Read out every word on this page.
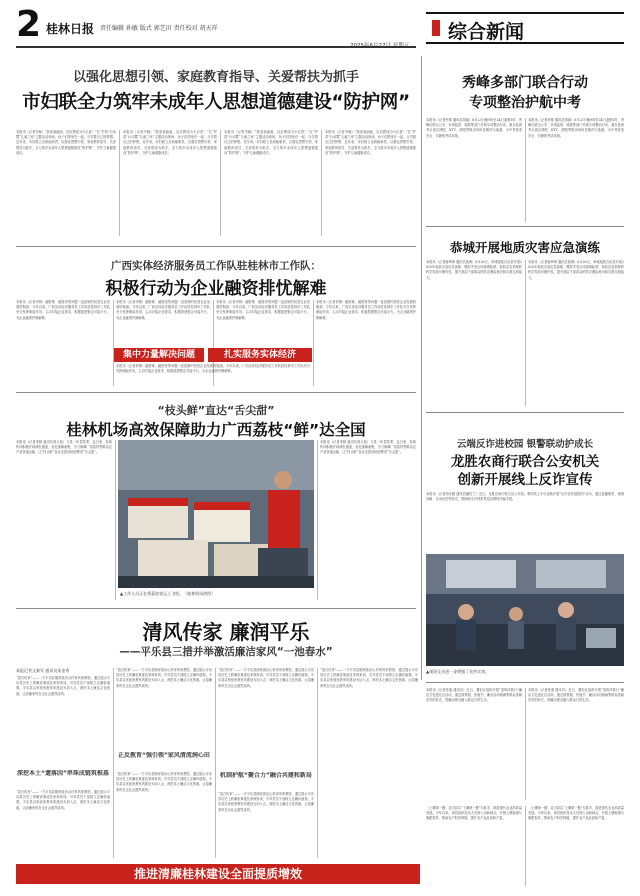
2 桂林日报 责任编辑 孙敏 版式 郭艺田 责任校对 胡天祥	综合新闻
以强化思想引领、家庭教育指导、关爱帮扶为抓手
市妇联全力筑牢未成年人思想道德建设“防护网”
本报讯（记者韦婉）“我喜欢画画，以后想成为小记者！”在“护苗”行动暨“儿童之家”主题活动现场，孩子们围坐在一起，分享着自己的梦想。近年来，市妇联立足职能职责，以强化思想引领、家庭教育指导、关爱帮扶为抓手，全力筑牢未成年人思想道德建设“防护网”，守护儿童健康成长。
本报讯（记者韦婉）“我喜欢画画，以后想成为小记者！”在“护苗”行动暨“儿童之家”主题活动现场，孩子们围坐在一起，分享着自己的梦想。近年来，市妇联立足职能职责，以强化思想引领、家庭教育指导、关爱帮扶为抓手，全力筑牢未成年人思想道德建设“防护网”，守护儿童健康成长。
本报讯（记者韦婉）“我喜欢画画，以后想成为小记者！”在“护苗”行动暨“儿童之家”主题活动现场，孩子们围坐在一起，分享着自己的梦想。近年来，市妇联立足职能职责，以强化思想引领、家庭教育指导、关爱帮扶为抓手，全力筑牢未成年人思想道德建设“防护网”，守护儿童健康成长。
本报讯（记者韦婉）“我喜欢画画，以后想成为小记者！”在“护苗”行动暨“儿童之家”主题活动现场，孩子们围坐在一起，分享着自己的梦想。近年来，市妇联立足职能职责，以强化思想引领、家庭教育指导、关爱帮扶为抓手，全力筑牢未成年人思想道德建设“防护网”，守护儿童健康成长。
秀峰多部门联合行动
专项整治护航中考
本报讯（记者李婧 通讯员胡丽）6月23日晚9时至24日凌晨1时，秀峰区联合公安、市场监管、城管等部门开展专项整治行动，重点检查考点周边网吧、KTV、酒吧等娱乐场所及噪声污染源，为中考营造安全、安静的考试环境。
本报讯（记者李婧 通讯员胡丽）6月23日晚9时至24日凌晨1时，秀峰区联合公安、市场监管、城管等部门开展专项整治行动，重点检查考点周边网吧、KTV、酒吧等娱乐场所及噪声污染源，为中考营造安全、安静的考试环境。
恭城开展地质灾害应急演练
本报讯（记者唐琦琦 通讯员莫海）6月26日，恭城瑶族自治县开展2025年地质灾害应急演练，模拟突发山体滑坡险情，检验应急预案的科学性和可操作性，提升基层干部群众的防灾避险意识和自救互救能力。
本报讯（记者唐琦琦 通讯员莫海）6月26日，恭城瑶族自治县开展2025年地质灾害应急演练，模拟突发山体滑坡险情，检验应急预案的科学性和可操作性，提升基层干部群众的防灾避险意识和自救互救能力。
云端反诈进校园 银警联动护成长
龙胜农商行联合公安机关
创新开展线上反诈宣传
本报讯（记者胡永健 通讯员潘桂兰）近日，龙胜农商行联合县公安局，利用线上平台创新开展“反诈宣传进校园”活动，通过直播课堂、案例讲解、互动问答等形式，帮助师生识别常见电信网络诈骗手段。
▲现场互动进一步增强了宣传实效。
本报讯（记者张迪 通讯员）近日，叠彩区组织开展“清风伴我行”廉洁文化进社区活动，通过情景剧、快板书、廉洁诗词朗诵等群众喜闻乐见的形式，将廉洁理念融入群众日常生活。
本报讯（记者张迪 通讯员）近日，叠彩区组织开展“清风伴我行”廉洁文化进社区活动，通过情景剧、快板书、廉洁诗词朗诵等群众喜闻乐见的形式，将廉洁理念融入群众日常生活。
〔土壤第一题〕灵川县以“土壤第一题”为抓手，推进现代农业高质量发展。今年以来，该县组织技术人员深入田间地头，开展土壤检测与施肥指导，帮助农户科学种植，提升农产品品质和产量。
〔土壤第一题〕灵川县以“土壤第一题”为抓手，推进现代农业高质量发展。今年以来，该县组织技术人员深入田间地头，开展土壤检测与施肥指导，帮助农户科学种植，提升农产品品质和产量。
广西实体经济服务员工作队驻桂林市工作队：
积极行动为企业融资排忧解难
本报讯（记者李婧）融资难、融资贵等问题一直是制约民营企业发展的瓶颈。今年以来，广西实体经济服务员工作队驻桂林市工作队充分发挥职能作用，主动对接企业需求，积极搭建银企对接平台，为企业融资纾困解难。
本报讯（记者李婧）融资难、融资贵等问题一直是制约民营企业发展的瓶颈。今年以来，广西实体经济服务员工作队驻桂林市工作队充分发挥职能作用，主动对接企业需求，积极搭建银企对接平台，为企业融资纾困解难。
本报讯（记者李婧）融资难、融资贵等问题一直是制约民营企业发展的瓶颈。今年以来，广西实体经济服务员工作队驻桂林市工作队充分发挥职能作用，主动对接企业需求，积极搭建银企对接平台，为企业融资纾困解难。
本报讯（记者李婧）融资难、融资贵等问题一直是制约民营企业发展的瓶颈。今年以来，广西实体经济服务员工作队驻桂林市工作队充分发挥职能作用，主动对接企业需求，积极搭建银企对接平台，为企业融资纾困解难。
集中力量解决问题	扎实服务实体经济
本报讯（记者李婧）融资难、融资贵等问题一直是制约民营企业发展的瓶颈。今年以来，广西实体经济服务员工作队驻桂林市工作队充分发挥职能作用，主动对接企业需求，积极搭建银企对接平台，为企业融资纾困解难。
“枝头鲜”直达“舌尖甜”
桂林机场高效保障助力广西荔枝“鲜”达全国
本报讯（记者李婧 通讯员蒋元旭）又是一年荔枝季。连日来，桂林机场积极开辟绿色通道，优化保障流程，全力保障广西荔枝等鲜活农产品快速运输，让“枝头鲜”直达全国各地消费者“舌尖甜”。
▲工作人员正在将荔枝装运上飞机。（桂林机场供图）
本报讯（记者李婧 通讯员蒋元旭）又是一年荔枝季。连日来，桂林机场积极开辟绿色通道，优化保障流程，全力保障广西荔枝等鲜活农产品快速运输，让“枝头鲜”直达全国各地消费者“舌尖甜”。
清风传家 廉润平乐
——平乐县三措并举激活廉洁家风“一池春水”
本报记者文新军 通讯员朱金秀
“清白传家”——一方平乐县刚家族乐山村家风家教馆，通过展示平乐县历史上的廉吏事迹及家规家训，引导党员干部树立正确价值观。平乐县以家庭家教家风建设为切入点，深挖本土廉洁文化资源，让清廉家风在全社会蔚然成风。
深挖本土“遗落因”串珠成链筑根基
“清白传家”——一方平乐县刚家族乐山村家风家教馆，通过展示平乐县历史上的廉吏事迹及家规家训，引导党员干部树立正确价值观。平乐县以家庭家教家风建设为切入点，深挖本土廉洁文化资源，让清廉家风在全社会蔚然成风。
“清白传家”——一方平乐县刚家族乐山村家风家教馆，通过展示平乐县历史上的廉吏事迹及家规家训，引导党员干部树立正确价值观。平乐县以家庭家教家风建设为切入点，深挖本土廉洁文化资源，让清廉家风在全社会蔚然成风。
正反教育“强引领”家风清流润心田
“清白传家”——一方平乐县刚家族乐山村家风家教馆，通过展示平乐县历史上的廉吏事迹及家规家训，引导党员干部树立正确价值观。平乐县以家庭家教家风建设为切入点，深挖本土廉洁文化资源，让清廉家风在全社会蔚然成风。
“清白传家”——一方平乐县刚家族乐山村家风家教馆，通过展示平乐县历史上的廉吏事迹及家规家训，引导党员干部树立正确价值观。平乐县以家庭家教家风建设为切入点，深挖本土廉洁文化资源，让清廉家风在全社会蔚然成风。
机制护航“聚合力”融合共建和新局
“清白传家”——一方平乐县刚家族乐山村家风家教馆，通过展示平乐县历史上的廉吏事迹及家规家训，引导党员干部树立正确价值观。平乐县以家庭家教家风建设为切入点，深挖本土廉洁文化资源，让清廉家风在全社会蔚然成风。
“清白传家”——一方平乐县刚家族乐山村家风家教馆，通过展示平乐县历史上的廉吏事迹及家规家训，引导党员干部树立正确价值观。平乐县以家庭家教家风建设为切入点，深挖本土廉洁文化资源，让清廉家风在全社会蔚然成风。
推进清廉桂林建设全面提质增效
